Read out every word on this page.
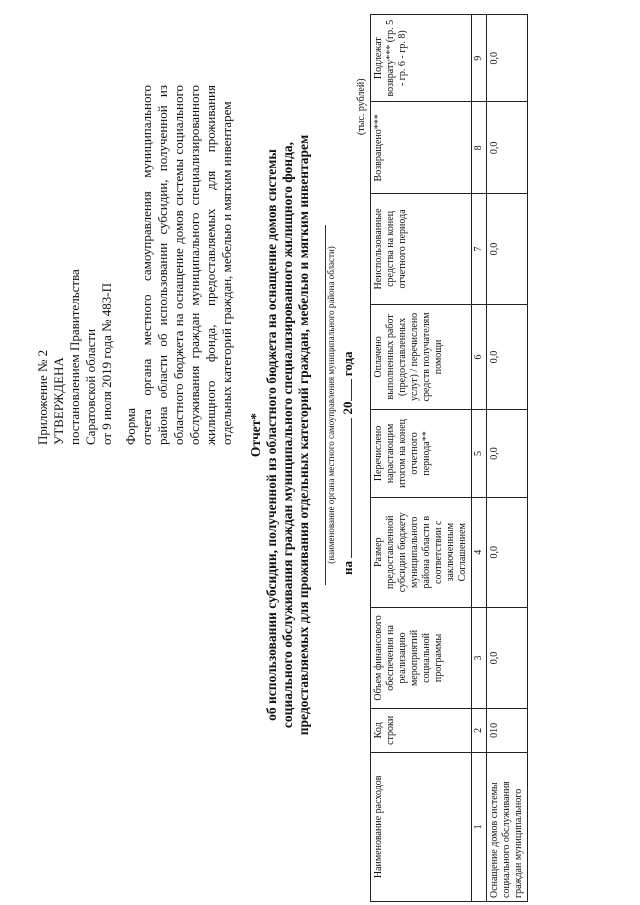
Приложение № 2 УТВЕРЖДЕНА постановлением Правительства Саратовской области от 9 июля 2019 года № 483-П Форма отчета органа местного самоуправления муниципального района области об использовании субсидии, полученной из областного бюджета на оснащение домов системы социального обслуживания граждан муниципального специализированного жилищного фонда, предоставляемых для проживания отдельных категорий граждан, мебелью и мягким инвентарем Отчет* об использовании субсидии, полученной из областного бюджета на оснащение домов системы социального обслуживания граждан муниципального специализированного жилищного фонда, предоставляемых для проживания отдельных категорий граждан, мебелью и мягким инвентарем (наименование органа местного самоуправления муниципального района области)
на  20 года
(тыс. рублей)
Наименование расходов	Код строки	Объем финансового обеспечения на реализацию мероприятий социальной программы	Размер предоставленной субсидии бюджету муниципального района области в соответствии с заключенным Соглашением	Перечислено нарастающим итогом на конец отчетного периода**	Оплачено выполненных работ (предоставленных услуг) / перечислено средств получателям помощи	Неиспользованные средства на конец отчетного периода	Возвращено***	Подлежат возврату*** (гр. 5 - гр. 6 - гр. 8)
1	2	3	4	5	6	7	8	9
Оснащение домов системы социального обслуживания граждан муниципального	010	0,0	0,0	0,0	0,0	0,0	0,0	0,0
